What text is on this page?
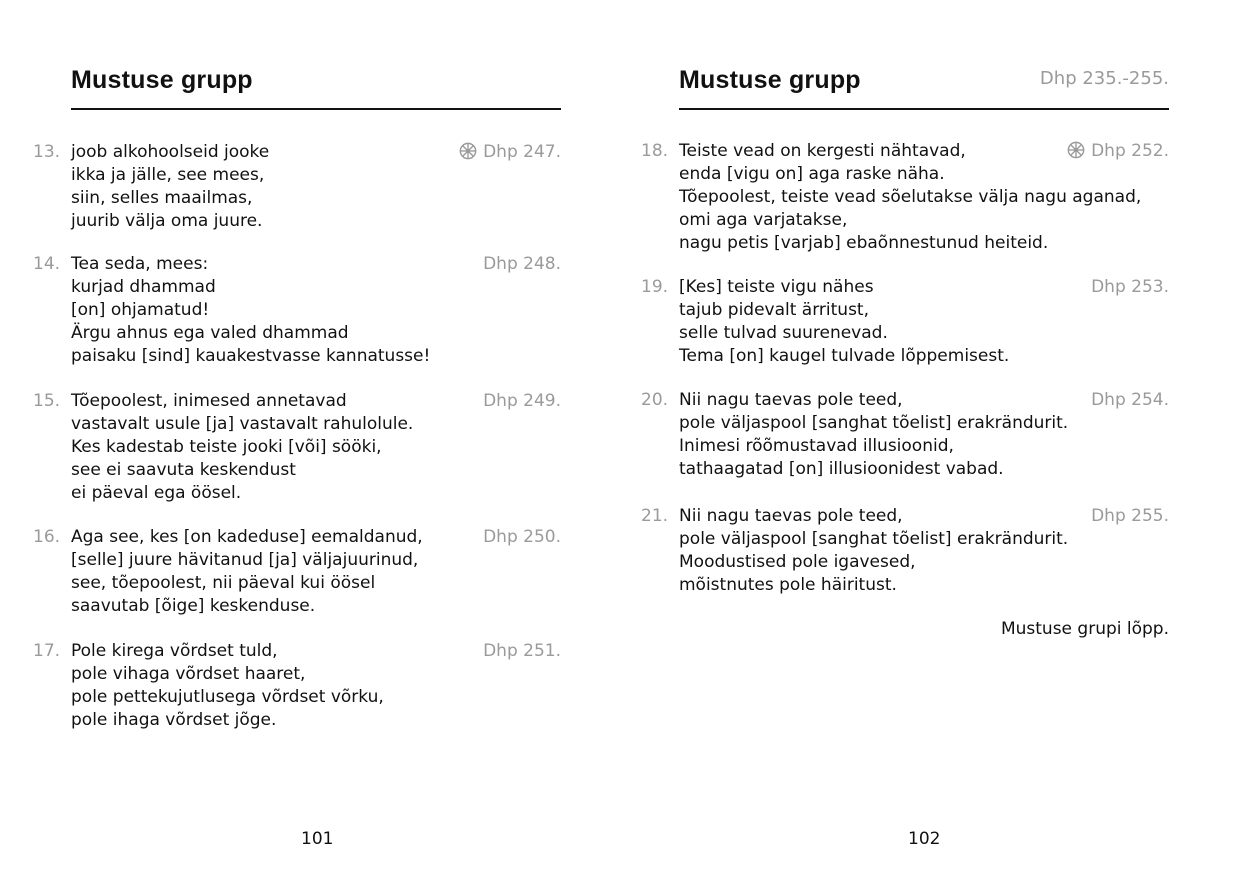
Mustuse grupp
13.	Dhp 247.
joob alkohoolseid jooke
ikka ja jälle, see mees,
siin, selles maailmas,
juurib välja oma juure.
14.	Dhp 248.
Tea seda, mees:
kurjad dhammad
[on] ohjamatud!
Ärgu ahnus ega valed dhammad
paisaku [sind] kauakestvasse kannatusse!
15.	Dhp 249.
Tõepoolest, inimesed annetavad
vastavalt usule [ja] vastavalt rahulolule.
Kes kadestab teiste jooki [või] sööki,
see ei saavuta keskendust
ei päeval ega öösel.
16.	Dhp 250.
Aga see, kes [on kadeduse] eemaldanud,
[selle] juure hävitanud [ja] väljajuurinud,
see, tõepoolest, nii päeval kui öösel
saavutab [õige] keskenduse.
17.	Dhp 251.
Pole kirega võrdset tuld,
pole vihaga võrdset haaret,
pole pettekujutlusega võrdset võrku,
pole ihaga võrdset jõge.
101
Mustuse grupp	Dhp 235.-255.
18.	Dhp 252.
Teiste vead on kergesti nähtavad,
enda [vigu on] aga raske näha.
Tõepoolest, teiste vead sõelutakse välja nagu aganad,
omi aga varjatakse,
nagu petis [varjab] ebaõnnestunud heiteid.
19.	Dhp 253.
[Kes] teiste vigu nähes
tajub pidevalt ärritust,
selle tulvad suurenevad.
Tema [on] kaugel tulvade lõppemisest.
20.	Dhp 254.
Nii nagu taevas pole teed,
pole väljaspool [sanghat tõelist] erakrändurit.
Inimesi rõõmustavad illusioonid,
tathaagatad [on] illusioonidest vabad.
21.	Dhp 255.
Nii nagu taevas pole teed,
pole väljaspool [sanghat tõelist] erakrändurit.
Moodustised pole igavesed,
mõistnutes pole häiritust.
Mustuse grupi lõpp.
102
